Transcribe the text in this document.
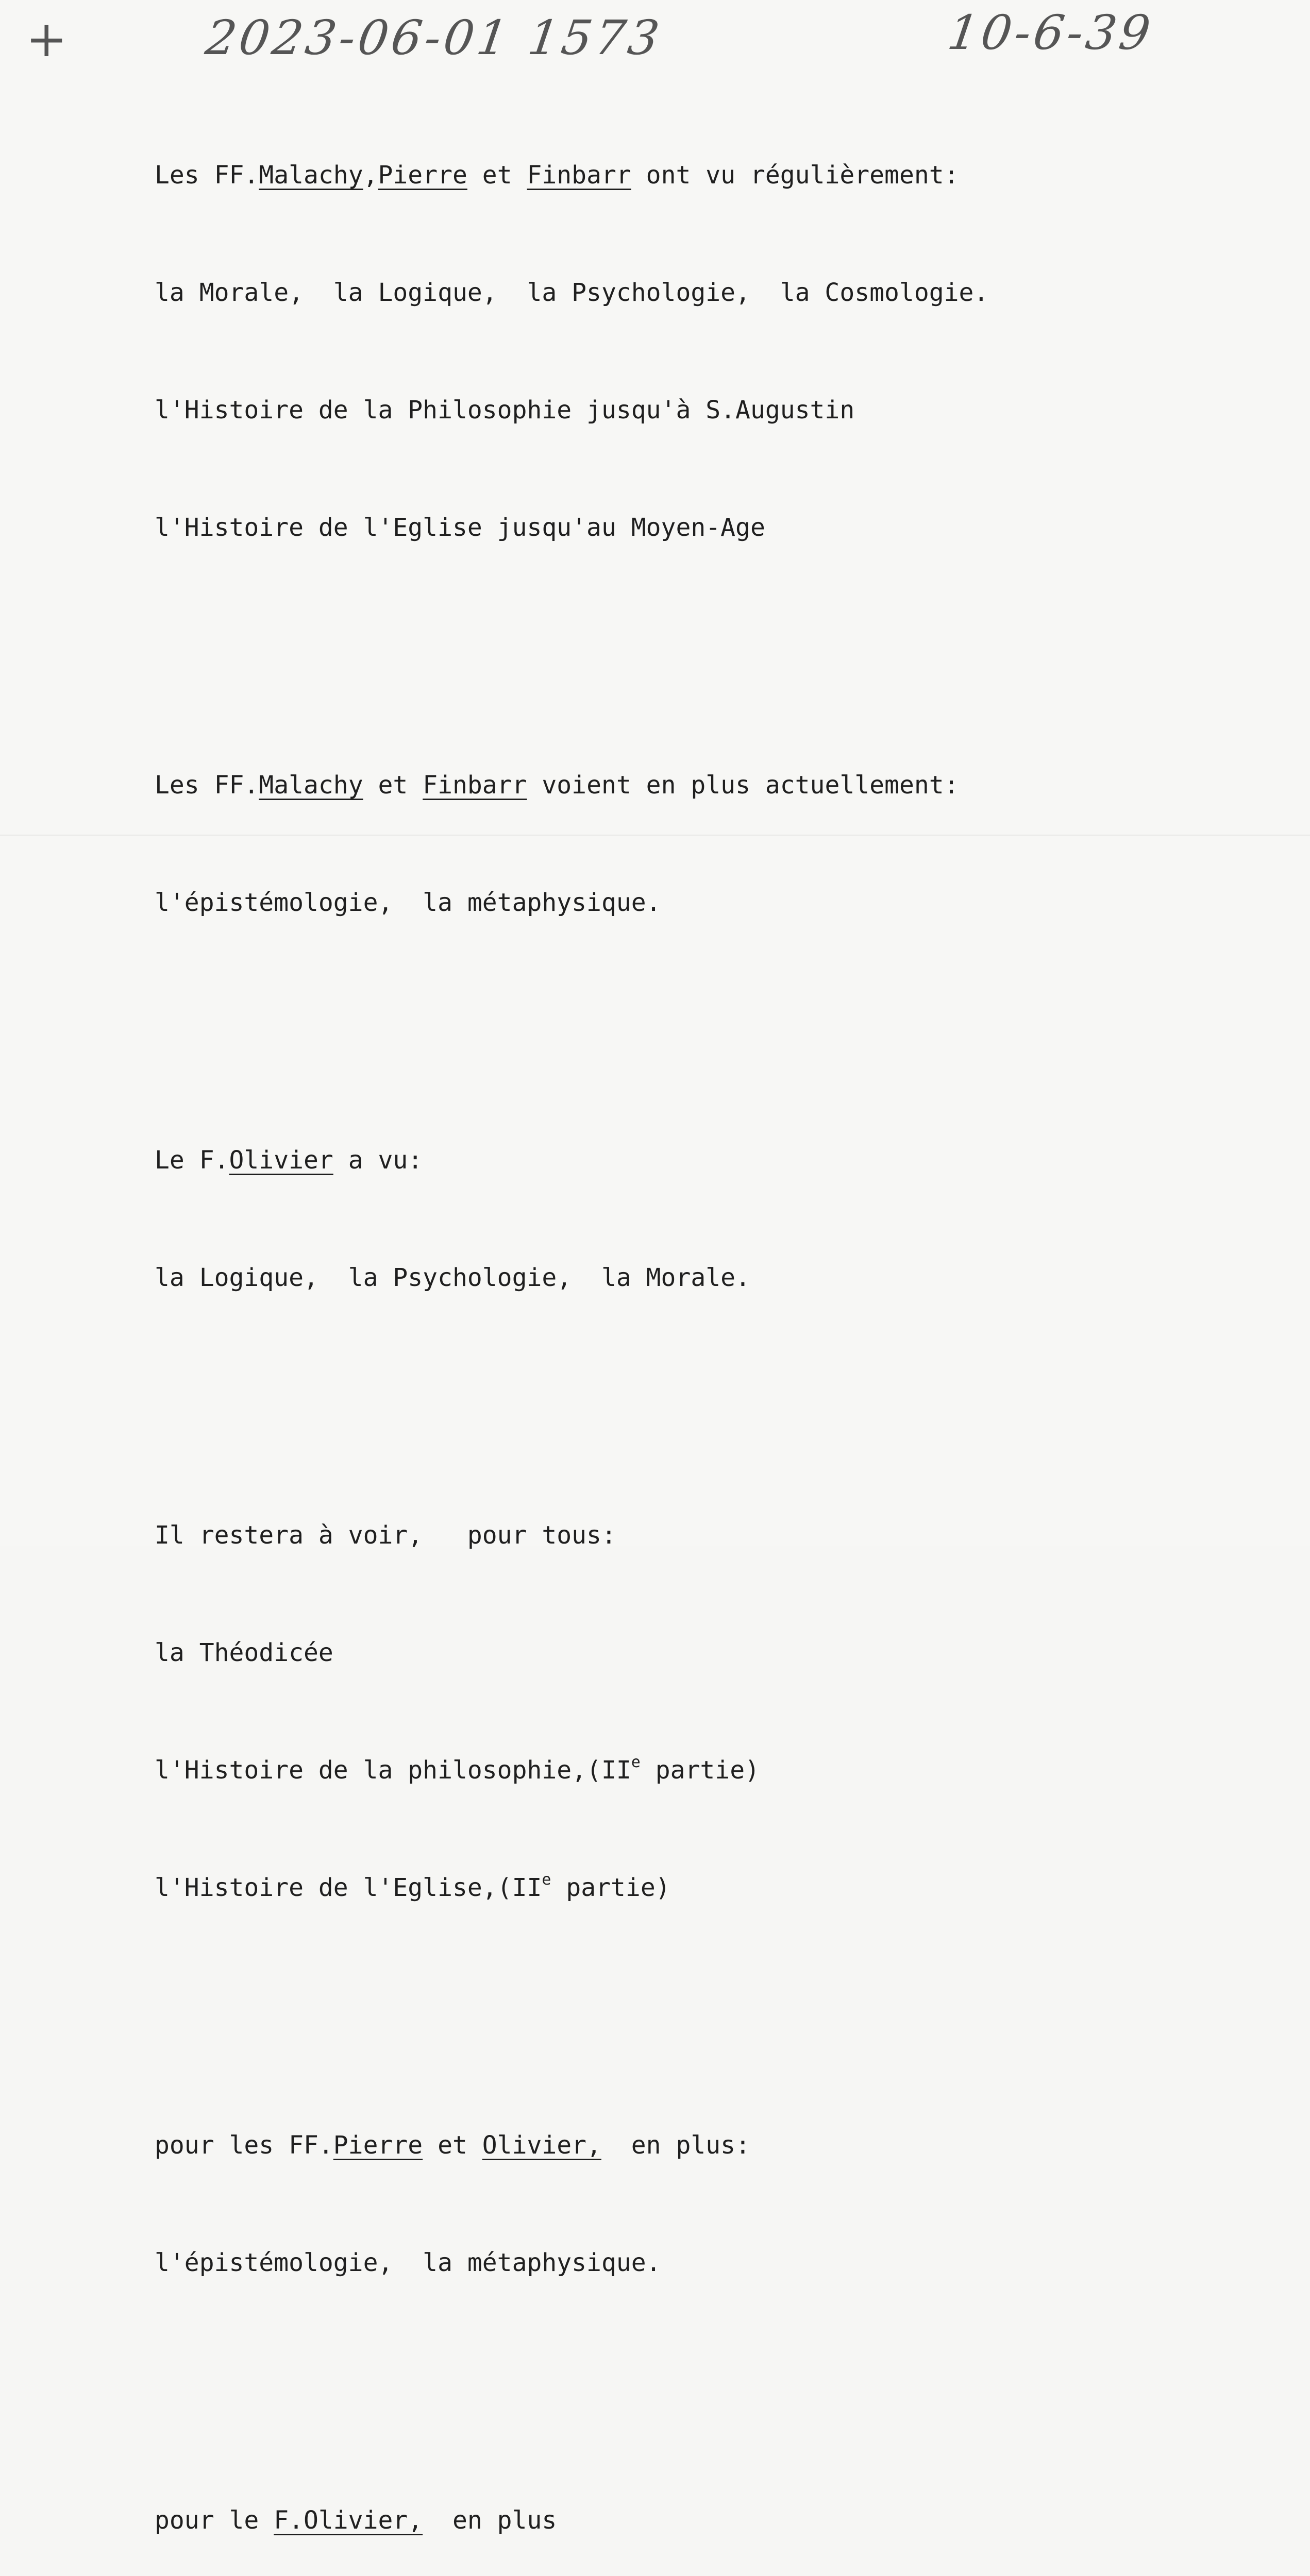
+	2023-06-01 1573	10-6-39

Les FF.Malachy,Pierre et Finbarr ont vu régulièrement:

la Morale,  la Logique,  la Psychologie,  la Cosmologie.

l'Histoire de la Philosophie jusqu'à S.Augustin

l'Histoire de l'Eglise jusqu'au Moyen-Age

Les FF.Malachy et Finbarr voient en plus actuellement:

l'épistémologie,  la métaphysique.

Le F.Olivier a vu:

la Logique,  la Psychologie,  la Morale.

Il restera à voir,   pour tous:

la Théodicée

l'Histoire de la philosophie,(IIe partie)

l'Histoire de l'Eglise,(IIe partie)

pour les FF.Pierre et Olivier,  en plus:

l'épistémologie,  la métaphysique.

pour le F.Olivier,  en plus
